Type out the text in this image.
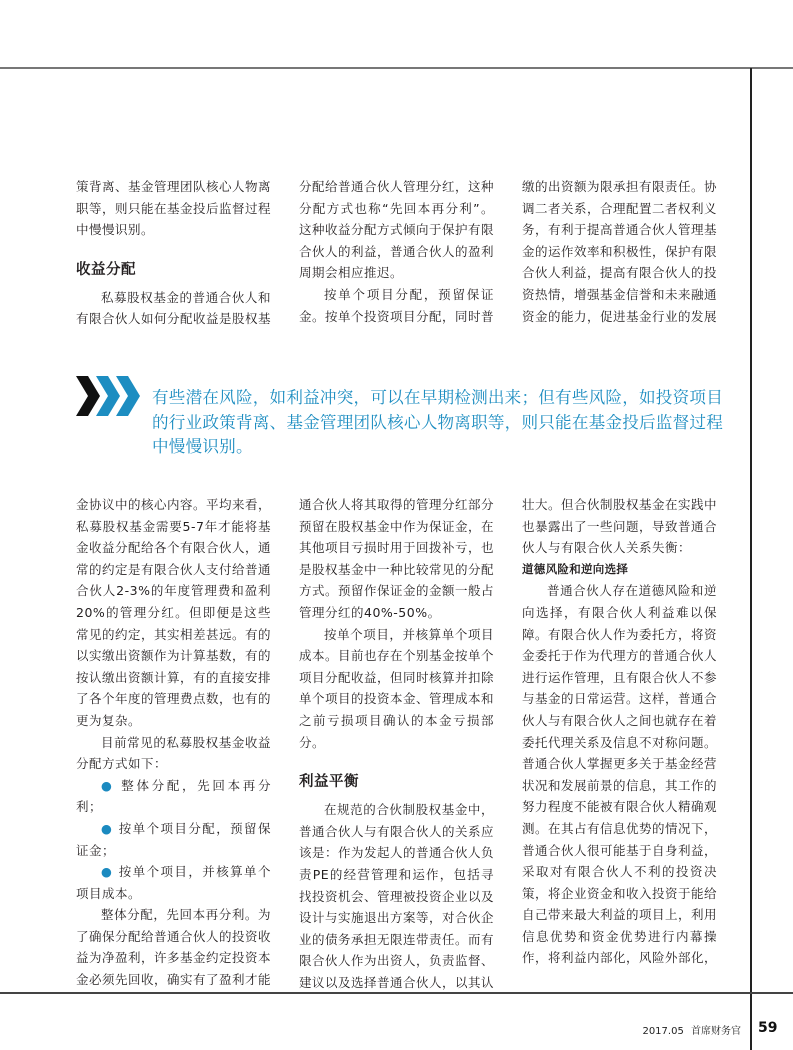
策背离、基金管理团队核心人物离职等，则只能在基金投后监督过程中慢慢识别。

收益分配

私募股权基金的普通合伙人和有限合伙人如何分配收益是股权基

分配给普通合伙人管理分红，这种分配方式也称“先回本再分利”。这种收益分配方式倾向于保护有限合伙人的利益，普通合伙人的盈利周期会相应推迟。

按单个项目分配，预留保证金。按单个投资项目分配，同时普

缴的出资额为限承担有限责任。协调二者关系，合理配置二者权利义务，有利于提高普通合伙人管理基金的运作效率和积极性，保护有限合伙人利益，提高有限合伙人的投资热情，增强基金信誉和未来融通资金的能力，促进基金行业的发展

有些潜在风险，如利益冲突，可以在早期检测出来；但有些风险，如投资项目的行业政策背离、基金管理团队核心人物离职等，则只能在基金投后监督过程中慢慢识别。

金协议中的核心内容。平均来看，私募股权基金需要5-7年才能将基金收益分配给各个有限合伙人，通常的约定是有限合伙人支付给普通合伙人2-3%的年度管理费和盈利20%的管理分红。但即便是这些常见的约定，其实相差甚远。有的以实缴出资额作为计算基数，有的按认缴出资额计算，有的直接安排了各个年度的管理费点数，也有的更为复杂。

目前常见的私募股权基金收益分配方式如下：

● 整体分配，先回本再分利；

● 按单个项目分配，预留保证金；

● 按单个项目，并核算单个项目成本。

整体分配，先回本再分利。为了确保分配给普通合伙人的投资收益为净盈利，许多基金约定投资本金必须先回收，确实有了盈利才能

通合伙人将其取得的管理分红部分预留在股权基金中作为保证金，在其他项目亏损时用于回拨补亏，也是股权基金中一种比较常见的分配方式。预留作保证金的金额一般占管理分红的40%-50%。

按单个项目，并核算单个项目成本。目前也存在个别基金按单个项目分配收益，但同时核算并扣除单个项目的投资本金、管理成本和之前亏损项目确认的本金亏损部分。

利益平衡

在规范的合伙制股权基金中，普通合伙人与有限合伙人的关系应该是：作为发起人的普通合伙人负责PE的经营管理和运作，包括寻找投资机会、管理被投资企业以及设计与实施退出方案等，对合伙企业的债务承担无限连带责任。而有限合伙人作为出资人，负责监督、建议以及选择普通合伙人，以其认

壮大。但合伙制股权基金在实践中也暴露出了一些问题，导致普通合伙人与有限合伙人关系失衡：

道德风险和逆向选择

普通合伙人存在道德风险和逆向选择，有限合伙人利益难以保障。有限合伙人作为委托方，将资金委托于作为代理方的普通合伙人进行运作管理，且有限合伙人不参与基金的日常运营。这样，普通合伙人与有限合伙人之间也就存在着委托代理关系及信息不对称问题。普通合伙人掌握更多关于基金经营状况和发展前景的信息，其工作的努力程度不能被有限合伙人精确观测。在其占有信息优势的情况下，普通合伙人很可能基于自身利益，采取对有限合伙人不利的投资决策，将企业资金和收入投资于能给自己带来最大利益的项目上，利用信息优势和资金优势进行内幕操作，将利益内部化，风险外部化，

2017.05 首席财务官 59
